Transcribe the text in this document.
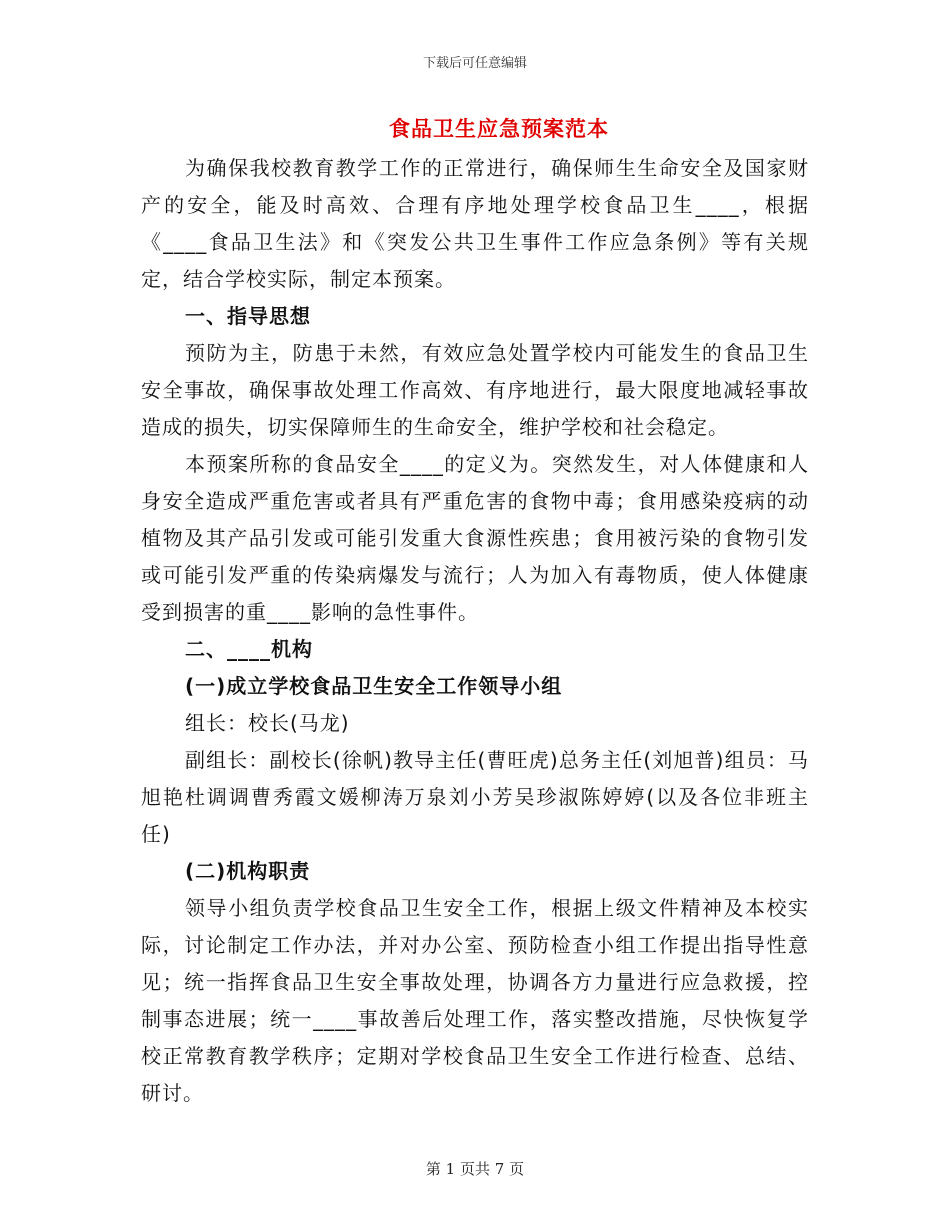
下载后可任意编辑
食品卫生应急预案范本

为确保我校教育教学工作的正常进行，确保师生生命安全及国家财产的安全，能及时高效、合理有序地处理学校食品卫生____，根据《____食品卫生法》和《突发公共卫生事件工作应急条例》等有关规定，结合学校实际，制定本预案。

一、指导思想

预防为主，防患于未然，有效应急处置学校内可能发生的食品卫生安全事故，确保事故处理工作高效、有序地进行，最大限度地减轻事故造成的损失，切实保障师生的生命安全，维护学校和社会稳定。

本预案所称的食品安全____的定义为。突然发生，对人体健康和人身安全造成严重危害或者具有严重危害的食物中毒；食用感染疫病的动植物及其产品引发或可能引发重大食源性疾患；食用被污染的食物引发或可能引发严重的传染病爆发与流行；人为加入有毒物质，使人体健康受到损害的重____影响的急性事件。

二、____机构

(一)成立学校食品卫生安全工作领导小组

组长：校长(马龙)

副组长：副校长(徐帆)教导主任(曹旺虎)总务主任(刘旭普)组员：马旭艳杜调调曹秀霞文媛柳涛万泉刘小芳吴珍淑陈婷婷(以及各位非班主任)

(二)机构职责

领导小组负责学校食品卫生安全工作，根据上级文件精神及本校实际，讨论制定工作办法，并对办公室、预防检查小组工作提出指导性意见；统一指挥食品卫生安全事故处理，协调各方力量进行应急救援，控制事态进展；统一____事故善后处理工作，落实整改措施，尽快恢复学校正常教育教学秩序；定期对学校食品卫生安全工作进行检查、总结、研讨。

第 1 页共 7 页
